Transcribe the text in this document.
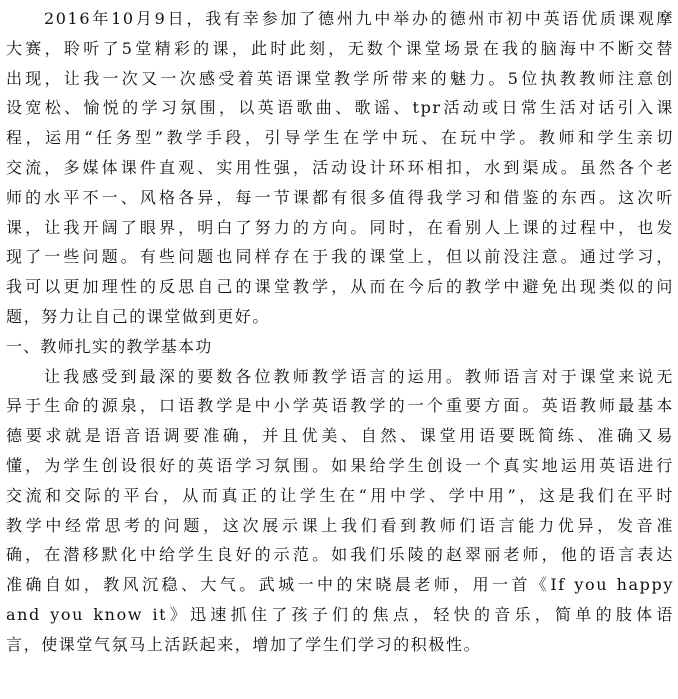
2016年10月9日，我有幸参加了德州九中举办的德州市初中英语优质课观摩
大赛，聆听了5堂精彩的课，此时此刻，无数个课堂场景在我的脑海中不断交替
出现，让我一次又一次感受着英语课堂教学所带来的魅力。5位执教教师注意创
设宽松、愉悦的学习氛围，以英语歌曲、歌谣、tpr活动或日常生活对话引入课
程，运用“任务型”教学手段，引导学生在学中玩、在玩中学。教师和学生亲切
交流，多媒体课件直观、实用性强，活动设计环环相扣，水到渠成。虽然各个老
师的水平不一、风格各异，每一节课都有很多值得我学习和借鉴的东西。这次听
课，让我开阔了眼界，明白了努力的方向。同时，在看别人上课的过程中，也发
现了一些问题。有些问题也同样存在于我的课堂上，但以前没注意。通过学习，
我可以更加理性的反思自己的课堂教学，从而在今后的教学中避免出现类似的问
题，努力让自己的课堂做到更好。
一、教师扎实的教学基本功
让我感受到最深的要数各位教师教学语言的运用。教师语言对于课堂来说无
异于生命的源泉，口语教学是中小学英语教学的一个重要方面。英语教师最基本
德要求就是语音语调要准确，并且优美、自然、课堂用语要既简练、准确又易
懂，为学生创设很好的英语学习氛围。如果给学生创设一个真实地运用英语进行
交流和交际的平台，从而真正的让学生在“用中学、学中用”，这是我们在平时
教学中经常思考的问题，这次展示课上我们看到教师们语言能力优异，发音准
确，在潜移默化中给学生良好的示范。如我们乐陵的赵翠丽老师，他的语言表达
准确自如，教风沉稳、大气。武城一中的宋晓晨老师，用一首《If you happy
and you know it》迅速抓住了孩子们的焦点，轻快的音乐，简单的肢体语
言，使课堂气氛马上活跃起来，增加了学生们学习的积极性。
